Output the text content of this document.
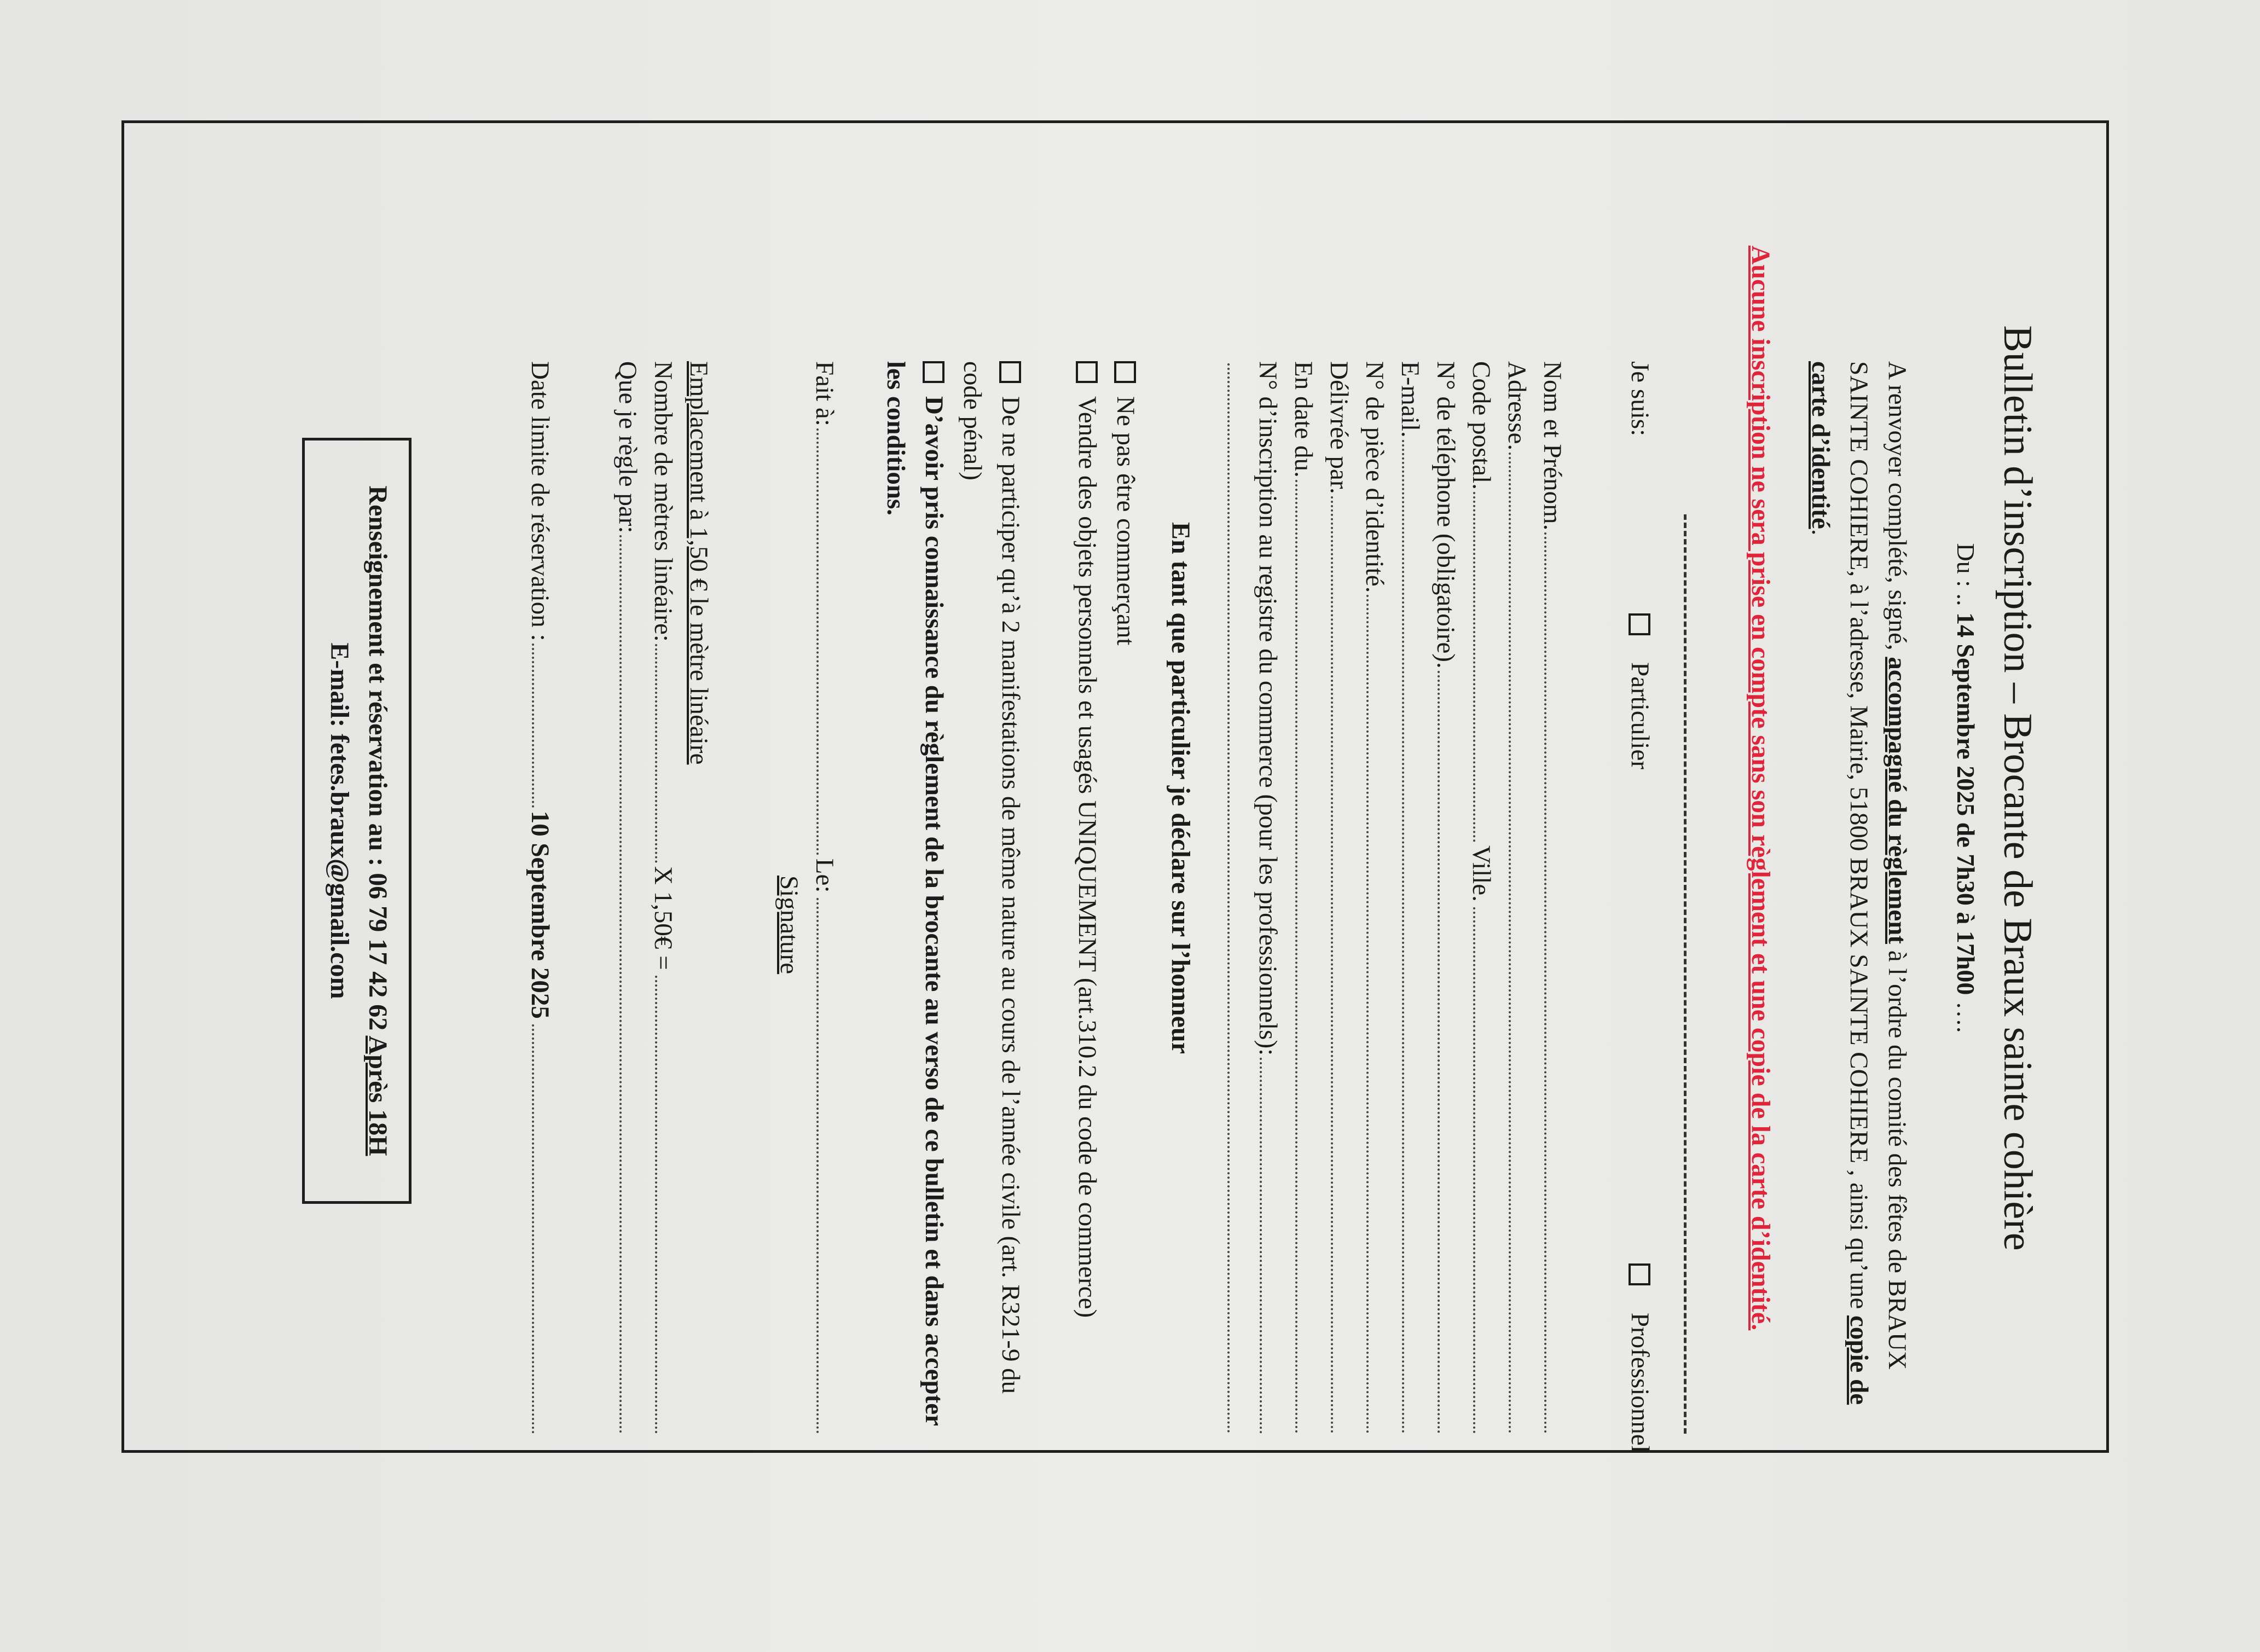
Bulletin d’inscription – Brocante de Braux sainte cohière
Du : .. 14 Septembre 2025 de 7h30 à 17h00 ….
A renvoyer complété, signé, accompagné du règlement à l’ordre du comité des fêtes de BRAUX SAINTE COHIERE, à l’adresse, Mairie, 51800 BRAUX SAINTE COHIERE , ainsi qu’une copie de carte d’identité.
Aucune inscription ne sera prise en compte sans son règlement et une copie de la carte d’identité.
Je suis:    Particulier    Professionnel
Nom et Prénom.
Adresse.
Code postal.
Ville.
N° de téléphone (obligatoire).
E-mail.
N° de pièce d’identité.
Délivrée par.
En date du.
N° d’inscription au registre du commerce (pour les professionnels):
En tant que particulier je déclare sur l’honneur
Ne pas être commerçant
Vendre des objets personnels et usagés UNIQUEMENT (art.310.2 du code de commerce)
De ne participer qu’à 2 manifestations de même nature au cours de l’année civile (art. R321-9 du code pénal)
D’avoir pris connaissance du règlement de la brocante au verso de ce bulletin et dans accepter les conditions.
Fait à:
Le:
Signature
Emplacement à 1,50 € le mètre linéaire
Nombre de mètres linéaire:
X 1,50€ =
Que je règle par:
Date limite de réservation :
10 Septembre 2025
Renseignement et réservation au : 06 79 17 42 62 Après 18H
E-mail: fetes.braux@gmail.com
